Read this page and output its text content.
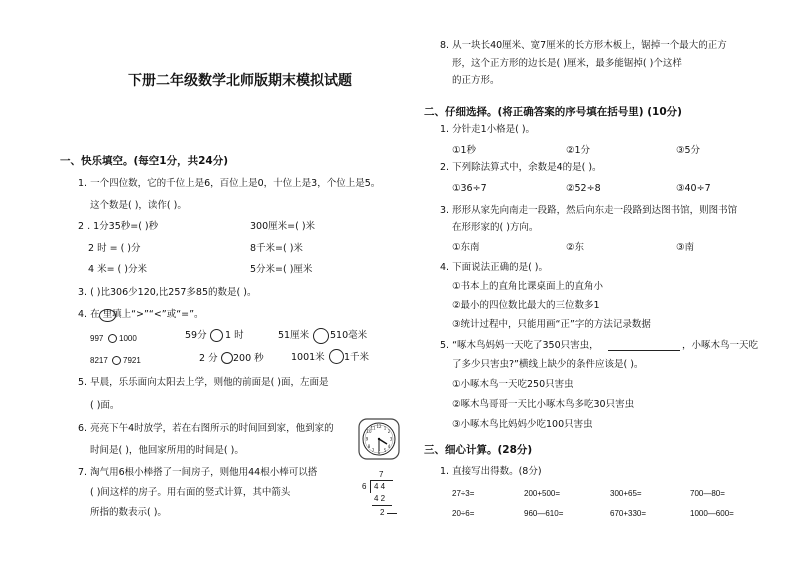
下册二年级数学北师版期末模拟试题
一、快乐填空。(每空1分，共24分)
1. 一个四位数，它的千位上是6，百位上是0，十位上是3，个位上是5。
这个数是( )，读作( )。
2 . 1分35秒=( )秒	300厘米=( )米
2 时 = ( )分	8千米=( )米
4 米= ( )分米	5分米=( )厘米
3. ( )比306少120,比257多85的数是( )。
4. 在 里填上“>”“<”或“=”。
997 1000	59分 1 时	51厘米 510毫米
8217 7921	2 分 200 秒	1001米 1千米
5. 早晨，乐乐面向太阳去上学，则他的前面是( )面，左面是
( )面。
6. 亮亮下午4时放学，若在右图所示的时间回到家，他到家的
时间是( )，他回家所用的时间是( )。
12 1
2
3
4
5
6
7
8
9
10
11
7. 淘气用6根小棒搭了一间房子，则他用44根小棒可以搭
( )间这样的房子。用右面的竖式计算，其中箭头
所指的数表示( )。
7
6 4 4
4 2
2
8. 从一块长40厘米、宽7厘米的长方形木板上，锯掉一个最大的正方
形，这个正方形的边长是( )厘米，最多能锯掉( )个这样
的正方形。
二、仔细选择。(将正确答案的序号填在括号里) (10分)
1. 分针走1小格是( )。
①1秒	②1分	③5分
2. 下列除法算式中，余数是4的是( )。
①36÷7	②52÷8	③40÷7
3. 形形从家先向南走一段路，然后向东走一段路到达图书馆，则图书馆
在形形家的( )方向。
①东南	②东	③南
4. 下面说法正确的是( )。
①书本上的直角比课桌面上的直角小
②最小的四位数比最大的三位数多1
③统计过程中，只能用画“正”字的方法记录数据
5. “啄木鸟妈妈一天吃了350只害虫，	，小啄木鸟一天吃
了多少只害虫?”横线上缺少的条件应该是( )。
①小啄木鸟一天吃250只害虫
②啄木鸟哥哥一天比小啄木鸟多吃30只害虫
③小啄木鸟比妈妈少吃100只害虫
三、细心计算。(28分)
1. 直接写出得数。(8分)
27÷3=	200+500=	300+65=	700—80=
20÷6=	960—610=	670+330=	1000—600=
